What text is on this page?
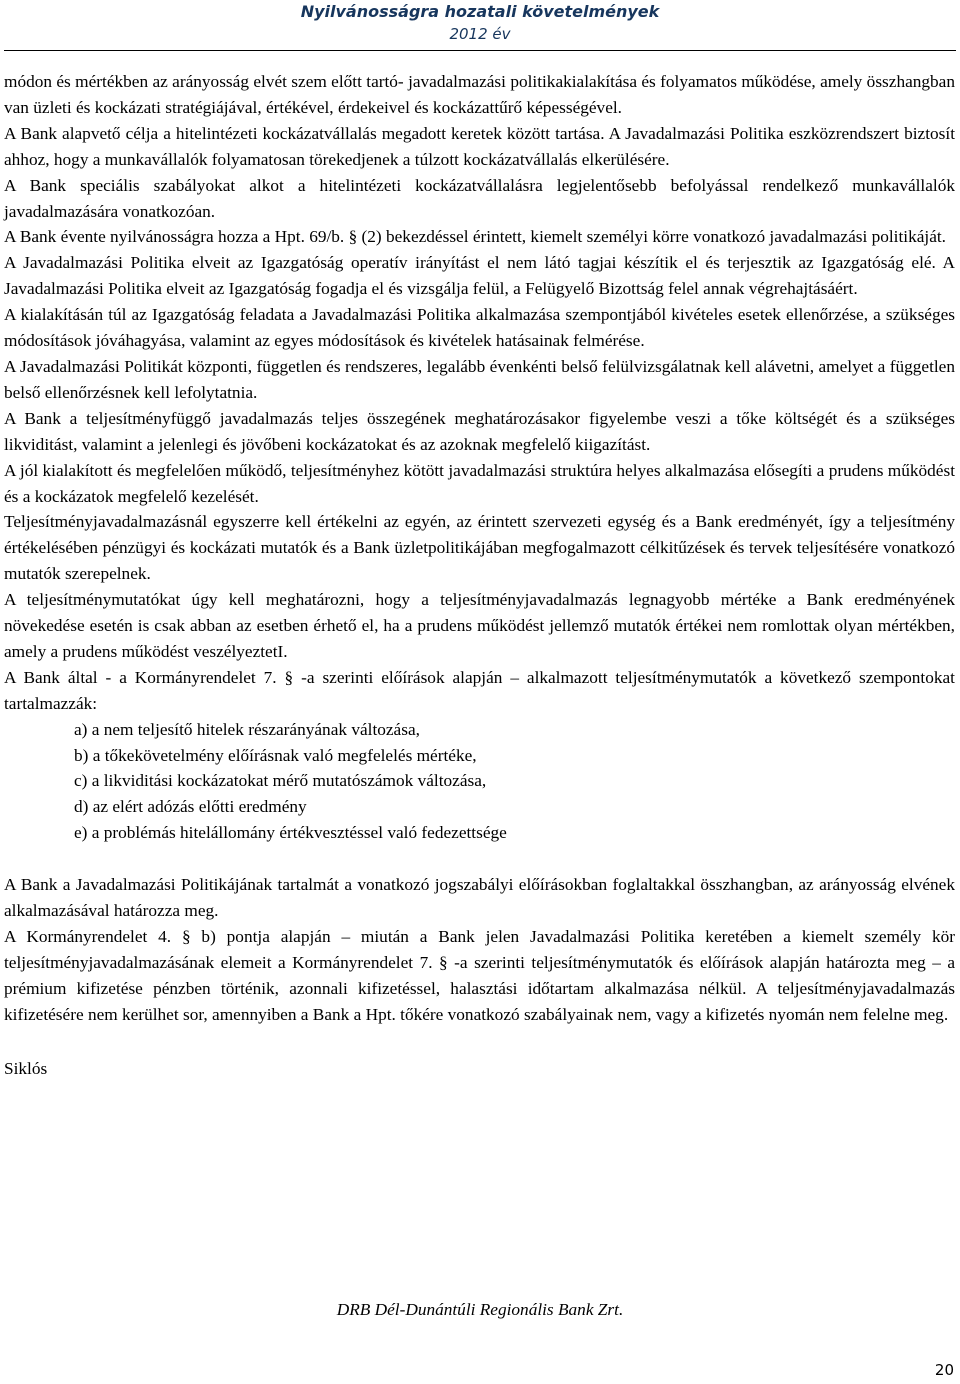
Nyilvánosságra hozatali követelmények
2012 év

módon és mértékben az arányosság elvét szem előtt tartó- javadalmazási politikakialakítása és folyamatos működése, amely összhangban van üzleti és kockázati stratégiájával, értékével, érdekeivel és kockázattűrő képességével.

A Bank alapvető célja a hitelintézeti kockázatvállalás megadott keretek között tartása. A Javadalmazási Politika eszközrendszert biztosít ahhoz, hogy a munkavállalók folyamatosan törekedjenek a túlzott kockázatvállalás elkerülésére.

A Bank speciális szabályokat alkot a hitelintézeti kockázatvállalásra legjelentősebb befolyással rendelkező munkavállalók javadalmazására vonatkozóan.

A Bank évente nyilvánosságra hozza a Hpt. 69/b. § (2) bekezdéssel érintett, kiemelt személyi körre vonatkozó javadalmazási politikáját.

A Javadalmazási Politika elveit az Igazgatóság operatív irányítást el nem látó tagjai készítik el és terjesztik az Igazgatóság elé. A Javadalmazási Politika elveit az Igazgatóság fogadja el és vizsgálja felül, a Felügyelő Bizottság felel annak végrehajtásáért.

A kialakításán túl az Igazgatóság feladata a Javadalmazási Politika alkalmazása szempontjából kivételes esetek ellenőrzése, a szükséges módosítások jóváhagyása, valamint az egyes módosítások és kivételek hatásainak felmérése.

A Javadalmazási Politikát központi, független és rendszeres, legalább évenkénti belső felülvizsgálatnak kell alávetni, amelyet a független belső ellenőrzésnek kell lefolytatnia.

A Bank a teljesítményfüggő javadalmazás teljes összegének meghatározásakor figyelembe veszi a tőke költségét és a szükséges likviditást, valamint a jelenlegi és jövőbeni kockázatokat és az azoknak megfelelő kiigazítást.

A jól kialakított és megfelelően működő, teljesítményhez kötött javadalmazási struktúra helyes alkalmazása elősegíti a prudens működést és a kockázatok megfelelő kezelését.

Teljesítményjavadalmazásnál egyszerre kell értékelni az egyén, az érintett szervezeti egység és a Bank eredményét, így a teljesítmény értékelésében pénzügyi és kockázati mutatók és a Bank üzletpolitikájában megfogalmazott célkitűzések és tervek teljesítésére vonatkozó mutatók szerepelnek.

A teljesítménymutatókat úgy kell meghatározni, hogy a teljesítményjavadalmazás legnagyobb mértéke a Bank eredményének növekedése esetén is csak abban az esetben érhető el, ha a prudens működést jellemző mutatók értékei nem romlottak olyan mértékben, amely a prudens működést veszélyeztetI.

A Bank által - a Kormányrendelet 7. § -a szerinti előírások alapján – alkalmazott teljesítménymutatók a következő szempontokat tartalmazzák:

a) a nem teljesítő hitelek részarányának változása,
b) a tőkekövetelmény előírásnak való megfelelés mértéke,
c) a likviditási kockázatokat mérő mutatószámok változása,
d) az elért adózás előtti eredmény
e) a problémás hitelállomány értékvesztéssel való fedezettsége

A Bank a Javadalmazási Politikájának tartalmát a vonatkozó jogszabályi előírásokban foglaltakkal összhangban, az arányosság elvének alkalmazásával határozza meg.

A Kormányrendelet 4. § b) pontja alapján – miután a Bank jelen Javadalmazási Politika keretében a kiemelt személy kör teljesítményjavadalmazásának elemeit a Kormányrendelet 7. § -a szerinti teljesítménymutatók és előírások alapján határozta meg – a prémium kifizetése pénzben történik, azonnali kifizetéssel, halasztási időtartam alkalmazása nélkül. A teljesítményjavadalmazás kifizetésére nem kerülhet sor, amennyiben a Bank a Hpt. tőkére vonatkozó szabályainak nem, vagy a kifizetés nyomán nem felelne meg.

Siklós
DRB Dél-Dunántúli Regionális Bank Zrt.
20
